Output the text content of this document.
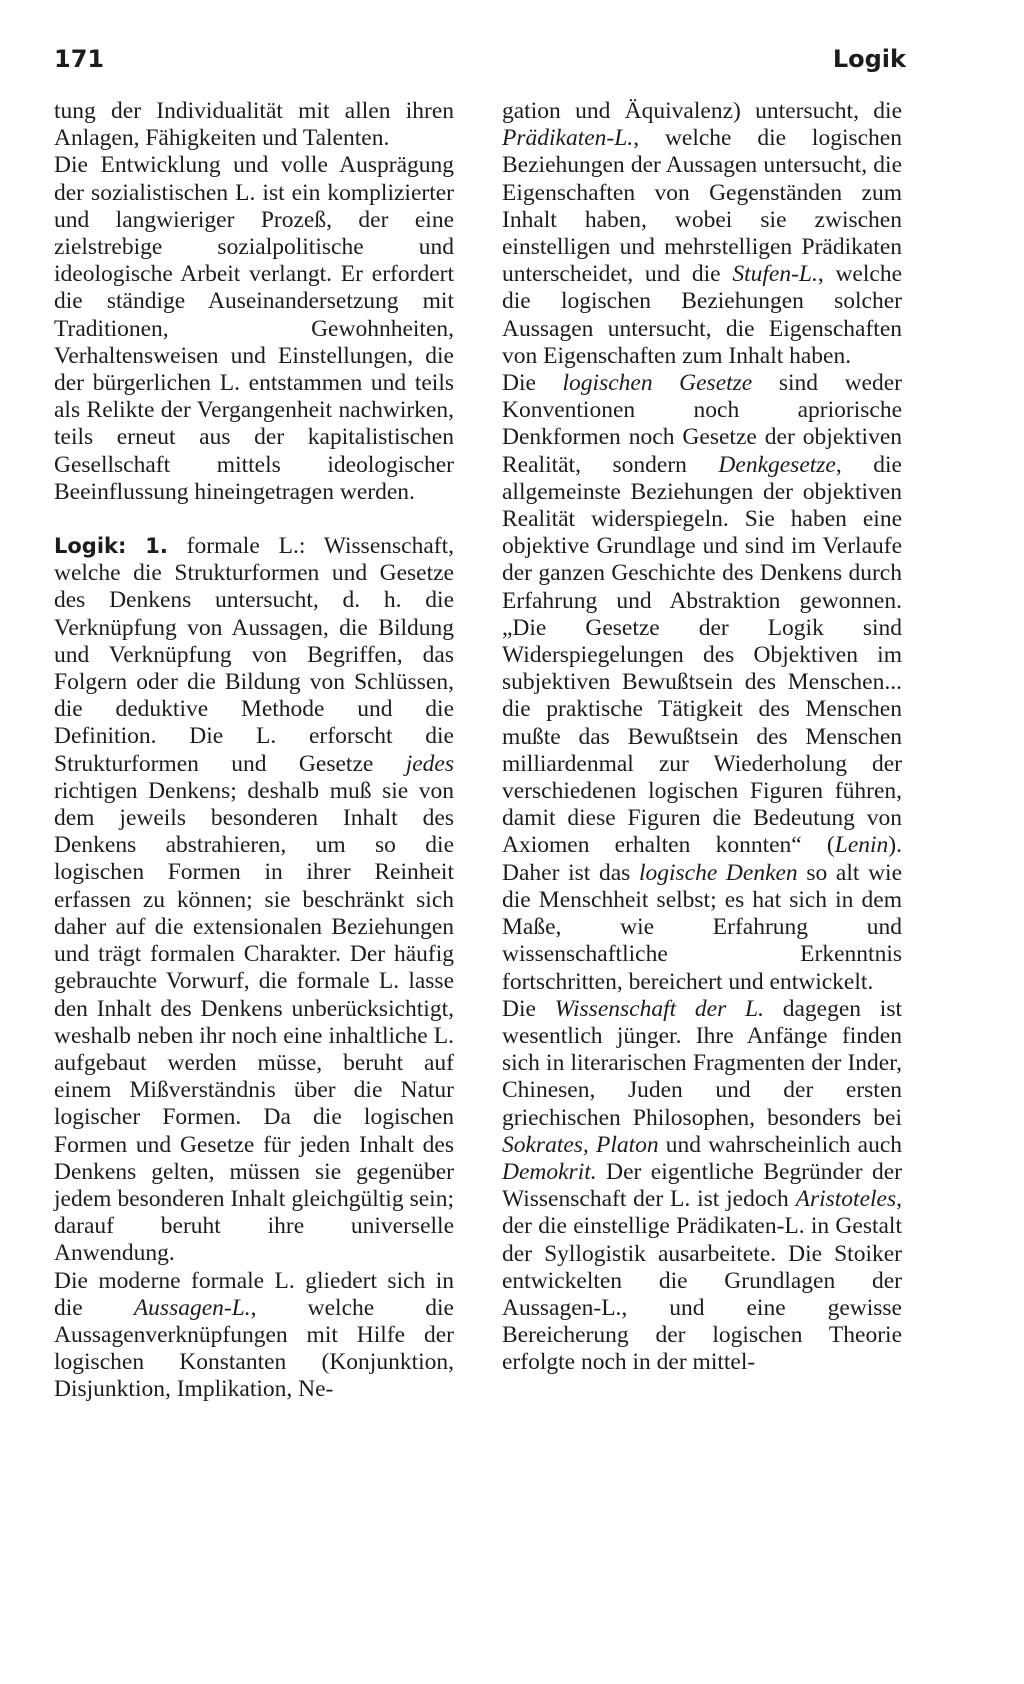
171	Logik

tung der Individualität mit allen ihren Anlagen, Fähigkeiten und Talenten.

Die Entwicklung und volle Ausprägung der sozialistischen L. ist ein komplizierter und langwieriger Prozeß, der eine zielstrebige sozialpolitische und ideologische Arbeit verlangt. Er erfordert die ständige Auseinandersetzung mit Traditionen, Gewohnheiten, Verhaltensweisen und Einstellungen, die der bürgerlichen L. entstammen und teils als Relikte der Vergangenheit nachwirken, teils erneut aus der kapitalistischen Gesellschaft mittels ideologischer Beeinflussung hineingetragen werden.

Logik: 1. formale L.: Wissenschaft, welche die Strukturformen und Gesetze des Denkens untersucht, d. h. die Verknüpfung von Aussagen, die Bildung und Verknüpfung von Begriffen, das Folgern oder die Bildung von Schlüssen, die deduktive Methode und die Definition. Die L. erforscht die Strukturformen und Gesetze jedes richtigen Denkens; deshalb muß sie von dem jeweils besonderen Inhalt des Denkens abstrahieren, um so die logischen Formen in ihrer Reinheit erfassen zu können; sie beschränkt sich daher auf die extensionalen Beziehungen und trägt formalen Charakter. Der häufig gebrauchte Vorwurf, die formale L. lasse den Inhalt des Denkens unberücksichtigt, weshalb neben ihr noch eine inhaltliche L. aufgebaut werden müsse, beruht auf einem Mißverständnis über die Natur logischer Formen. Da die logischen Formen und Gesetze für jeden Inhalt des Denkens gelten, müssen sie gegenüber jedem besonderen Inhalt gleichgültig sein; darauf beruht ihre universelle Anwendung.

Die moderne formale L. gliedert sich in die Aussagen-L., welche die Aussagenverknüpfungen mit Hilfe der logischen Konstanten (Konjunktion, Disjunktion, Implikation, Ne-

gation und Äquivalenz) untersucht, die Prädikaten-L., welche die logischen Beziehungen der Aussagen untersucht, die Eigenschaften von Gegenständen zum Inhalt haben, wobei sie zwischen einstelligen und mehrstelligen Prädikaten unterscheidet, und die Stufen-L., welche die logischen Beziehungen solcher Aussagen untersucht, die Eigenschaften von Eigenschaften zum Inhalt haben.

Die logischen Gesetze sind weder Konventionen noch apriorische Denkformen noch Gesetze der objektiven Realität, sondern Denkgesetze, die allgemeinste Beziehungen der objektiven Realität widerspiegeln. Sie haben eine objektive Grundlage und sind im Verlaufe der ganzen Geschichte des Denkens durch Erfahrung und Abstraktion gewonnen. „Die Gesetze der Logik sind Widerspiegelungen des Objektiven im subjektiven Bewußtsein des Menschen... die praktische Tätigkeit des Menschen mußte das Bewußtsein des Menschen milliardenmal zur Wiederholung der verschiedenen logischen Figuren führen, damit diese Figuren die Bedeutung von Axiomen erhalten konnten“ (Lenin). Daher ist das logische Denken so alt wie die Menschheit selbst; es hat sich in dem Maße, wie Erfahrung und wissenschaftliche Erkenntnis fortschritten, bereichert und entwickelt.

Die Wissenschaft der L. dagegen ist wesentlich jünger. Ihre Anfänge finden sich in literarischen Fragmenten der Inder, Chinesen, Juden und der ersten griechischen Philosophen, besonders bei Sokrates, Platon und wahrscheinlich auch Demokrit. Der eigentliche Begründer der Wissenschaft der L. ist jedoch Aristoteles, der die einstellige Prädikaten-L. in Gestalt der Syllogistik ausarbeitete. Die Stoiker entwickelten die Grundlagen der Aussagen-L., und eine gewisse Bereicherung der logischen Theorie erfolgte noch in der mittel-
